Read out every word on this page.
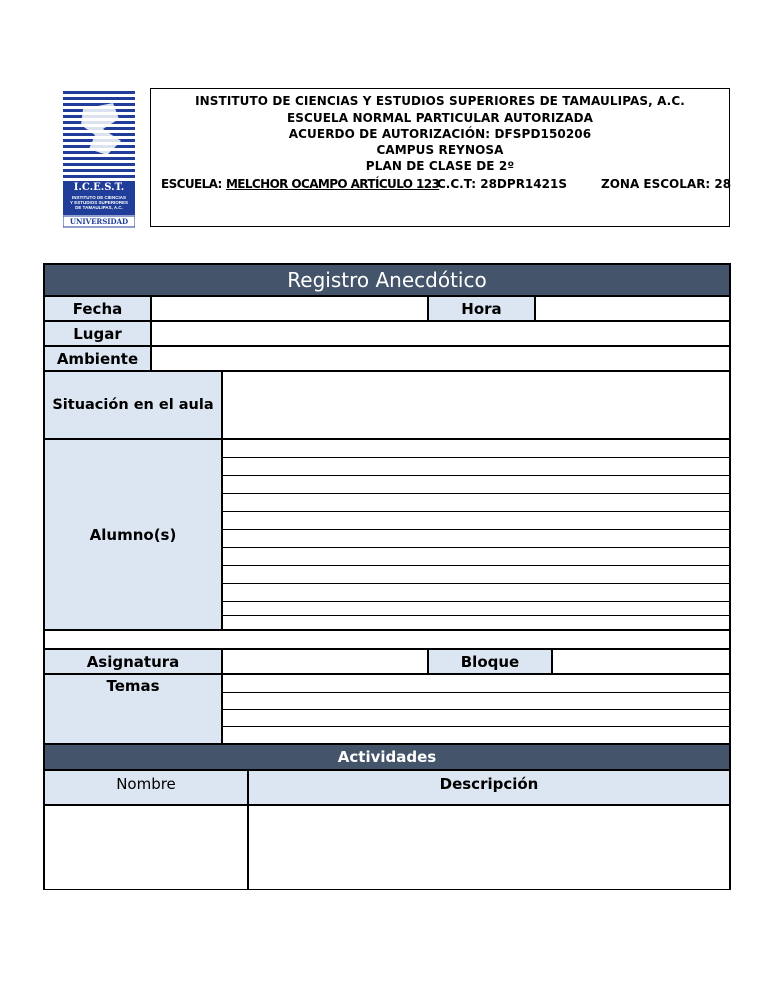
I.C.E.S.T.
INSTITUTO DE CIENCIAS
Y ESTUDIOS SUPERIORES
DE TAMAULIPAS, A.C.
UNIVERSIDAD
INSTITUTO DE CIENCIAS Y ESTUDIOS SUPERIORES DE TAMAULIPAS, A.C.
ESCUELA NORMAL PARTICULAR AUTORIZADA
ACUERDO DE AUTORIZACIÓN: DFSPD150206
CAMPUS REYNOSA
PLAN DE CLASE DE 2º
ESCUELA: MELCHOR OCAMPO ARTÍCULO 123
C.C.T: 28DPR1421S	ZONA ESCOLAR: 28
Registro Anecdótico
Fecha	Hora
Lugar
Ambiente
Situación en el aula
Alumno(s)
Asignatura	Bloque
Temas
Actividades
Nombre	Descripción
